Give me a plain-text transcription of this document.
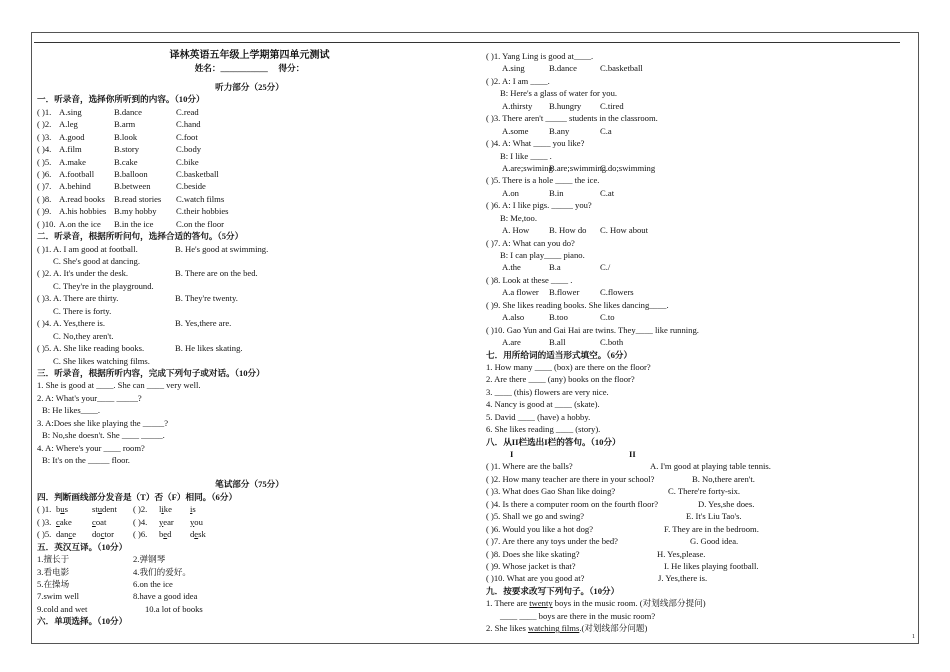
译林英语五年级上学期第四单元测试
姓名：___________ 得分：
听力部分（25分）
一．听录音，选择你所听到的内容。（10分）
( )1. A.sing	B.dance	C.read
( )2. A.leg	B.arm	C.hand
( )3. A.good	B.look	C.foot
( )4. A.film	B.story	C.body
( )5. A.make	B.cake	C.bike
( )6. A.football B.balloon	C.basketball
( )7. A.behind	B.between	C.beside
( )8. A.read books B.read stories C.watch films
( )9. A.his hobbies B.my hobby C.their hobbies
( )10. A.on the ice B.in the ice	C.on the floor
二．听录音，根据所听问句，选择合适的答句。（5分）
( )1. A. I am good at football.	B. He's good at swimming.
C. She's good at dancing.
( )2. A. It's under the desk.	B. There are on the bed.
C. They're in the playground.
( )3. A. There are thirty.	B. They're twenty.
C. There is forty.
( )4. A. Yes,there is.	B. Yes,there are.
C. No,they aren't.
( )5. A. She like reading books.	B. He likes skating.
C. She likes watching films.
三．听录音，根据所听内容，完成下列句子或对话。（10分）
1. She is good at ____. She can ____ very well.
2. A: What's your____ _____?
B: He likes____.
3. A:Does she like playing the _____?
B: No,she doesn't. She ____ _____.
4. A: Where's your ____ room?
B: It's on the _____ floor.
笔试部分（75分）
四．判断画线部分发音是（T）否（F）相同。（6分）
( )1. bus	student ( )2. like is
( )3. cake coat	( )4. year you
( )5. dance doctor ( )6. bed desk
五．英汉互译。（10分）
1.擅长于	2.弹钢琴
3.看电影	4.我们的爱好。
5.在操场	6.on the ice
7.swim well	8.have a good idea
9.cold and wet	10.a lot of books
六．单项选择。（10分）
( )1. Yang Ling is good at____.
A.sing	B.dance	C.basketball
( )2. A: I am ____.
B: Here's a glass of water for you.
A.thirsty B.hungry C.tired
( )3. There aren't _____ students in the classroom.
A.some B.any	C.a
( )4. A: What ____ you like?
B: I like ____ .
A.are;swiming
B.are;swimming
C.do;swimming
( )5. There is a hole ____ the ice.
A.on	B.in	C.at
( )6. A: I like pigs. _____ you?
B: Me,too.
A. How B. How do C. How about
( )7. A: What can you do?
B: I can play____ piano.
A.the	B.a	C./
( )8. Look at these ____ .
A.a flower B.flower C.flowers
( )9. She likes reading books. She likes dancing____.
A.also	B.too	C.to
( )10. Gao Yun and Gai Hai are twins. They____ like running.
A.are	B.all	C.both
七．用所给词的适当形式填空。（6分）
1. How many ____ (box) are there on the floor?
2. Are there ____ (any) books on the floor?
3. ____ (this) flowers are very nice.
4. Nancy is good at ____ (skate).
5. David ____ (have) a hobby.
6. She likes reading ____ (story).
八．从II栏选出I栏的答句。（10分）
I	II
( )1. Where are the balls?	A. I'm good at playing table tennis.
( )2. How many teacher are there in your school?	B. No,there aren't.
( )3. What does Gao Shan like doing?	C. There're forty-six.
( )4. Is there a computer room on the fourth floor?	D. Yes,she does.
( )5. Shall we go and swing?	E. It's Liu Tao's.
( )6. Would you like a hot dog?	F. They are in the bedroom.
( )7. Are there any toys under the bed?	G. Good idea.
( )8. Does she like skating?	H. Yes,please.
( )9. Whose jacket is that?	I. He likes playing football.
( )10. What are you good at?	J. Yes,there is.
九．按要求改写下列句子。（10分）
1. There are twenty boys in the music room. (对划线部分提问)
____ ____ boys are there in the music room?
2. She likes watching films.(对划线部分问题)
1
